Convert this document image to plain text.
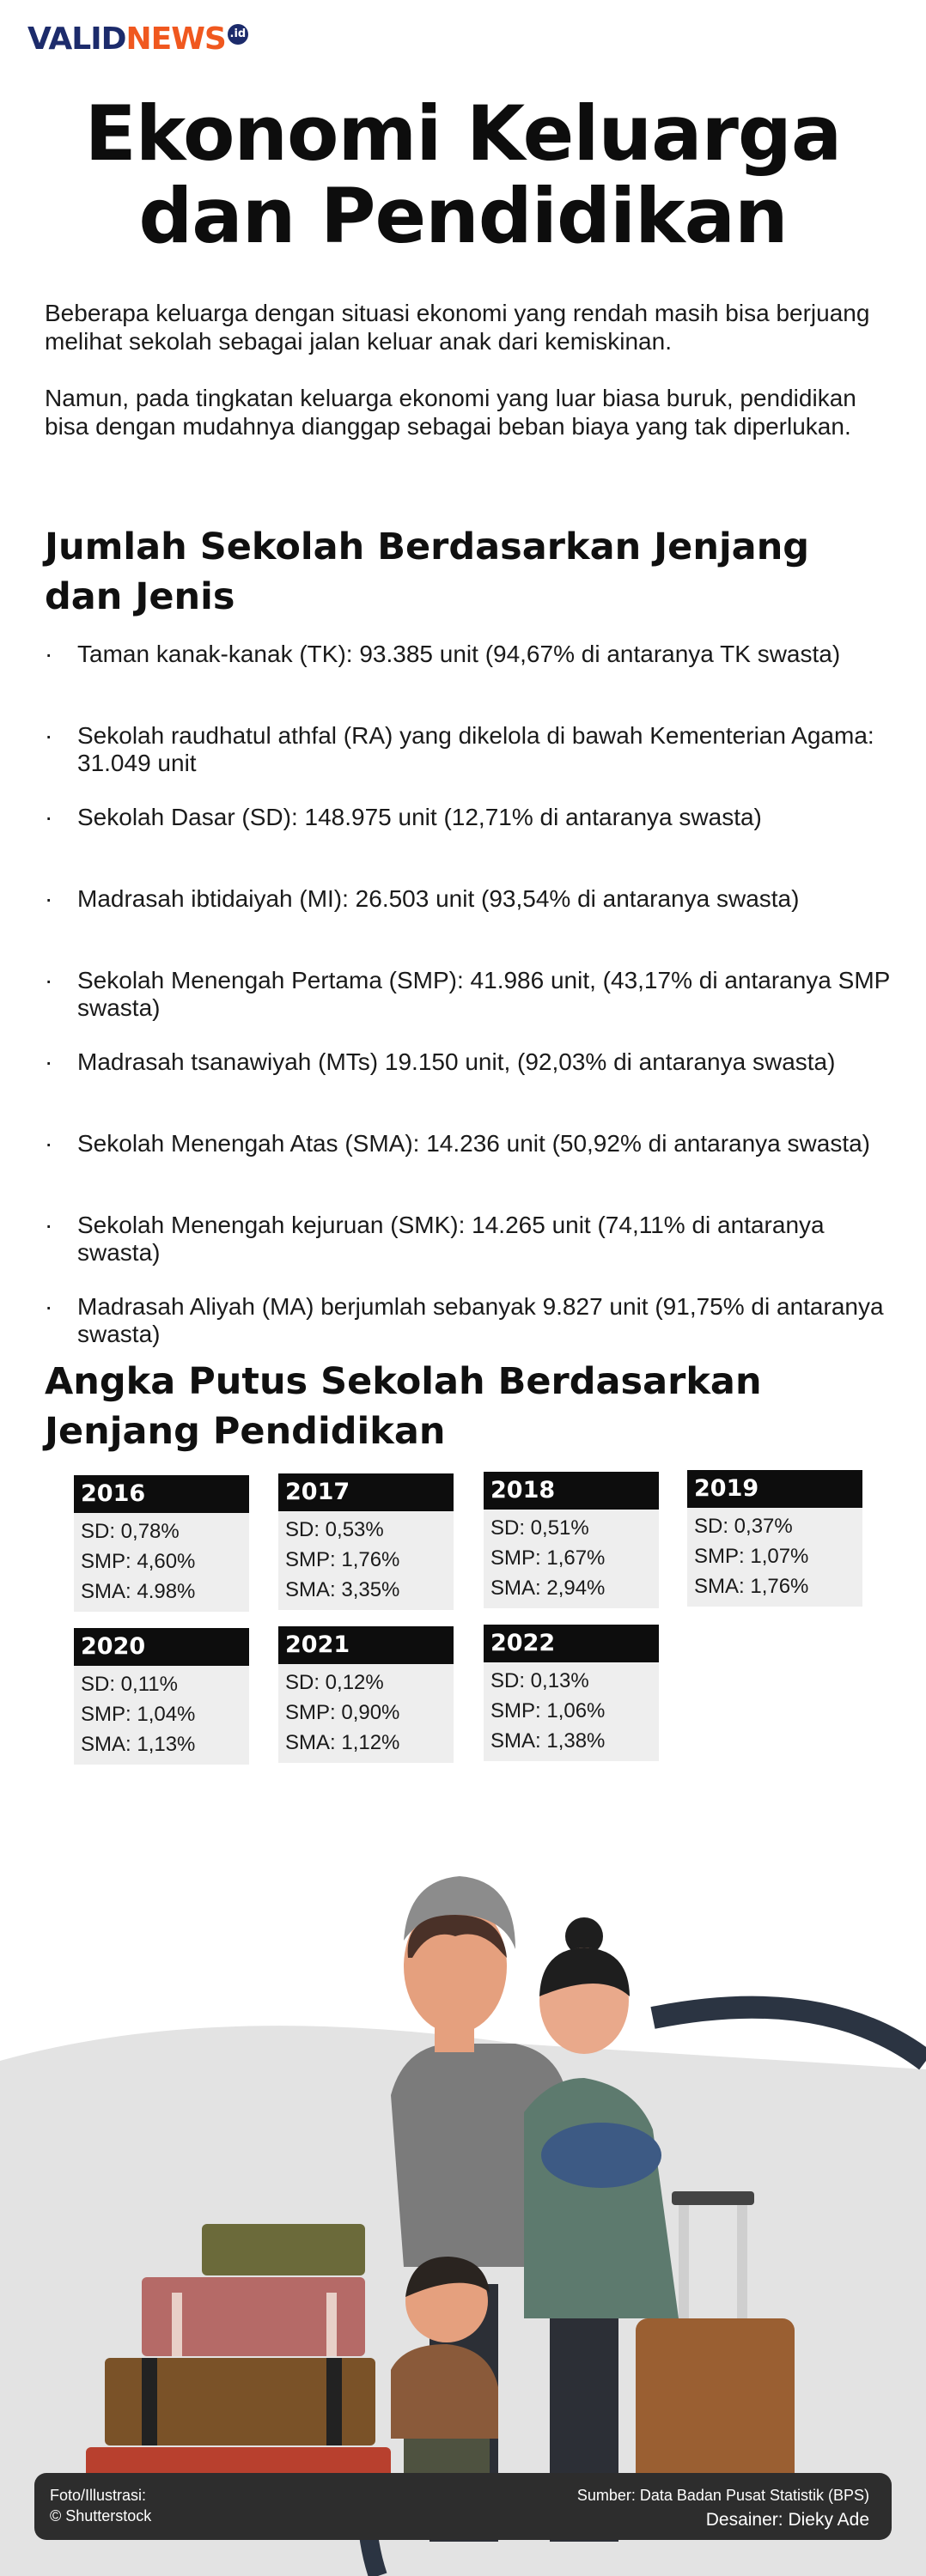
VALIDNEWS .id
Ekonomi Keluarga
dan Pendidikan

Beberapa keluarga dengan situasi ekonomi yang rendah masih bisa berjuang melihat sekolah sebagai jalan keluar anak dari kemiskinan.

Namun, pada tingkatan keluarga ekonomi yang luar biasa buruk, pendidikan bisa dengan mudahnya dianggap sebagai beban biaya yang tak diperlukan.

Jumlah Sekolah Berdasarkan Jenjang dan Jenis
· Taman kanak-kanak (TK): 93.385 unit (94,67% di antaranya TK swasta)
· Sekolah raudhatul athfal (RA) yang dikelola di bawah Kementerian Agama: 31.049 unit
· Sekolah Dasar (SD): 148.975 unit (12,71% di antaranya swasta)
· Madrasah ibtidaiyah (MI): 26.503 unit (93,54% di antaranya swasta)
· Sekolah Menengah Pertama (SMP): 41.986 unit, (43,17% di antaranya SMP swasta)
· Madrasah tsanawiyah (MTs) 19.150 unit, (92,03% di antaranya swasta)
· Sekolah Menengah Atas (SMA): 14.236 unit (50,92% di antaranya swasta)
· Sekolah Menengah kejuruan (SMK): 14.265 unit (74,11% di antaranya swasta)
· Madrasah Aliyah (MA) berjumlah sebanyak 9.827 unit (91,75% di antaranya swasta)
Angka Putus Sekolah Berdasarkan Jenjang Pendidikan
2016
SD: 0,78%
SMP: 4,60%
SMA: 4.98%
2017
SD: 0,53%
SMP: 1,76%
SMA: 3,35%
2018
SD: 0,51%
SMP: 1,67%
SMA: 2,94%
2019
SD: 0,37%
SMP: 1,07%
SMA: 1,76%
2020
SD: 0,11%
SMP: 1,04%
SMA: 1,13%
2021
SD: 0,12%
SMP: 0,90%
SMA: 1,12%
2022
SD: 0,13%
SMP: 1,06%
SMA: 1,38%
Foto/Illustrasi:
© Shutterstock
Sumber: Data Badan Pusat Statistik (BPS)
Desainer: Dieky Ade
